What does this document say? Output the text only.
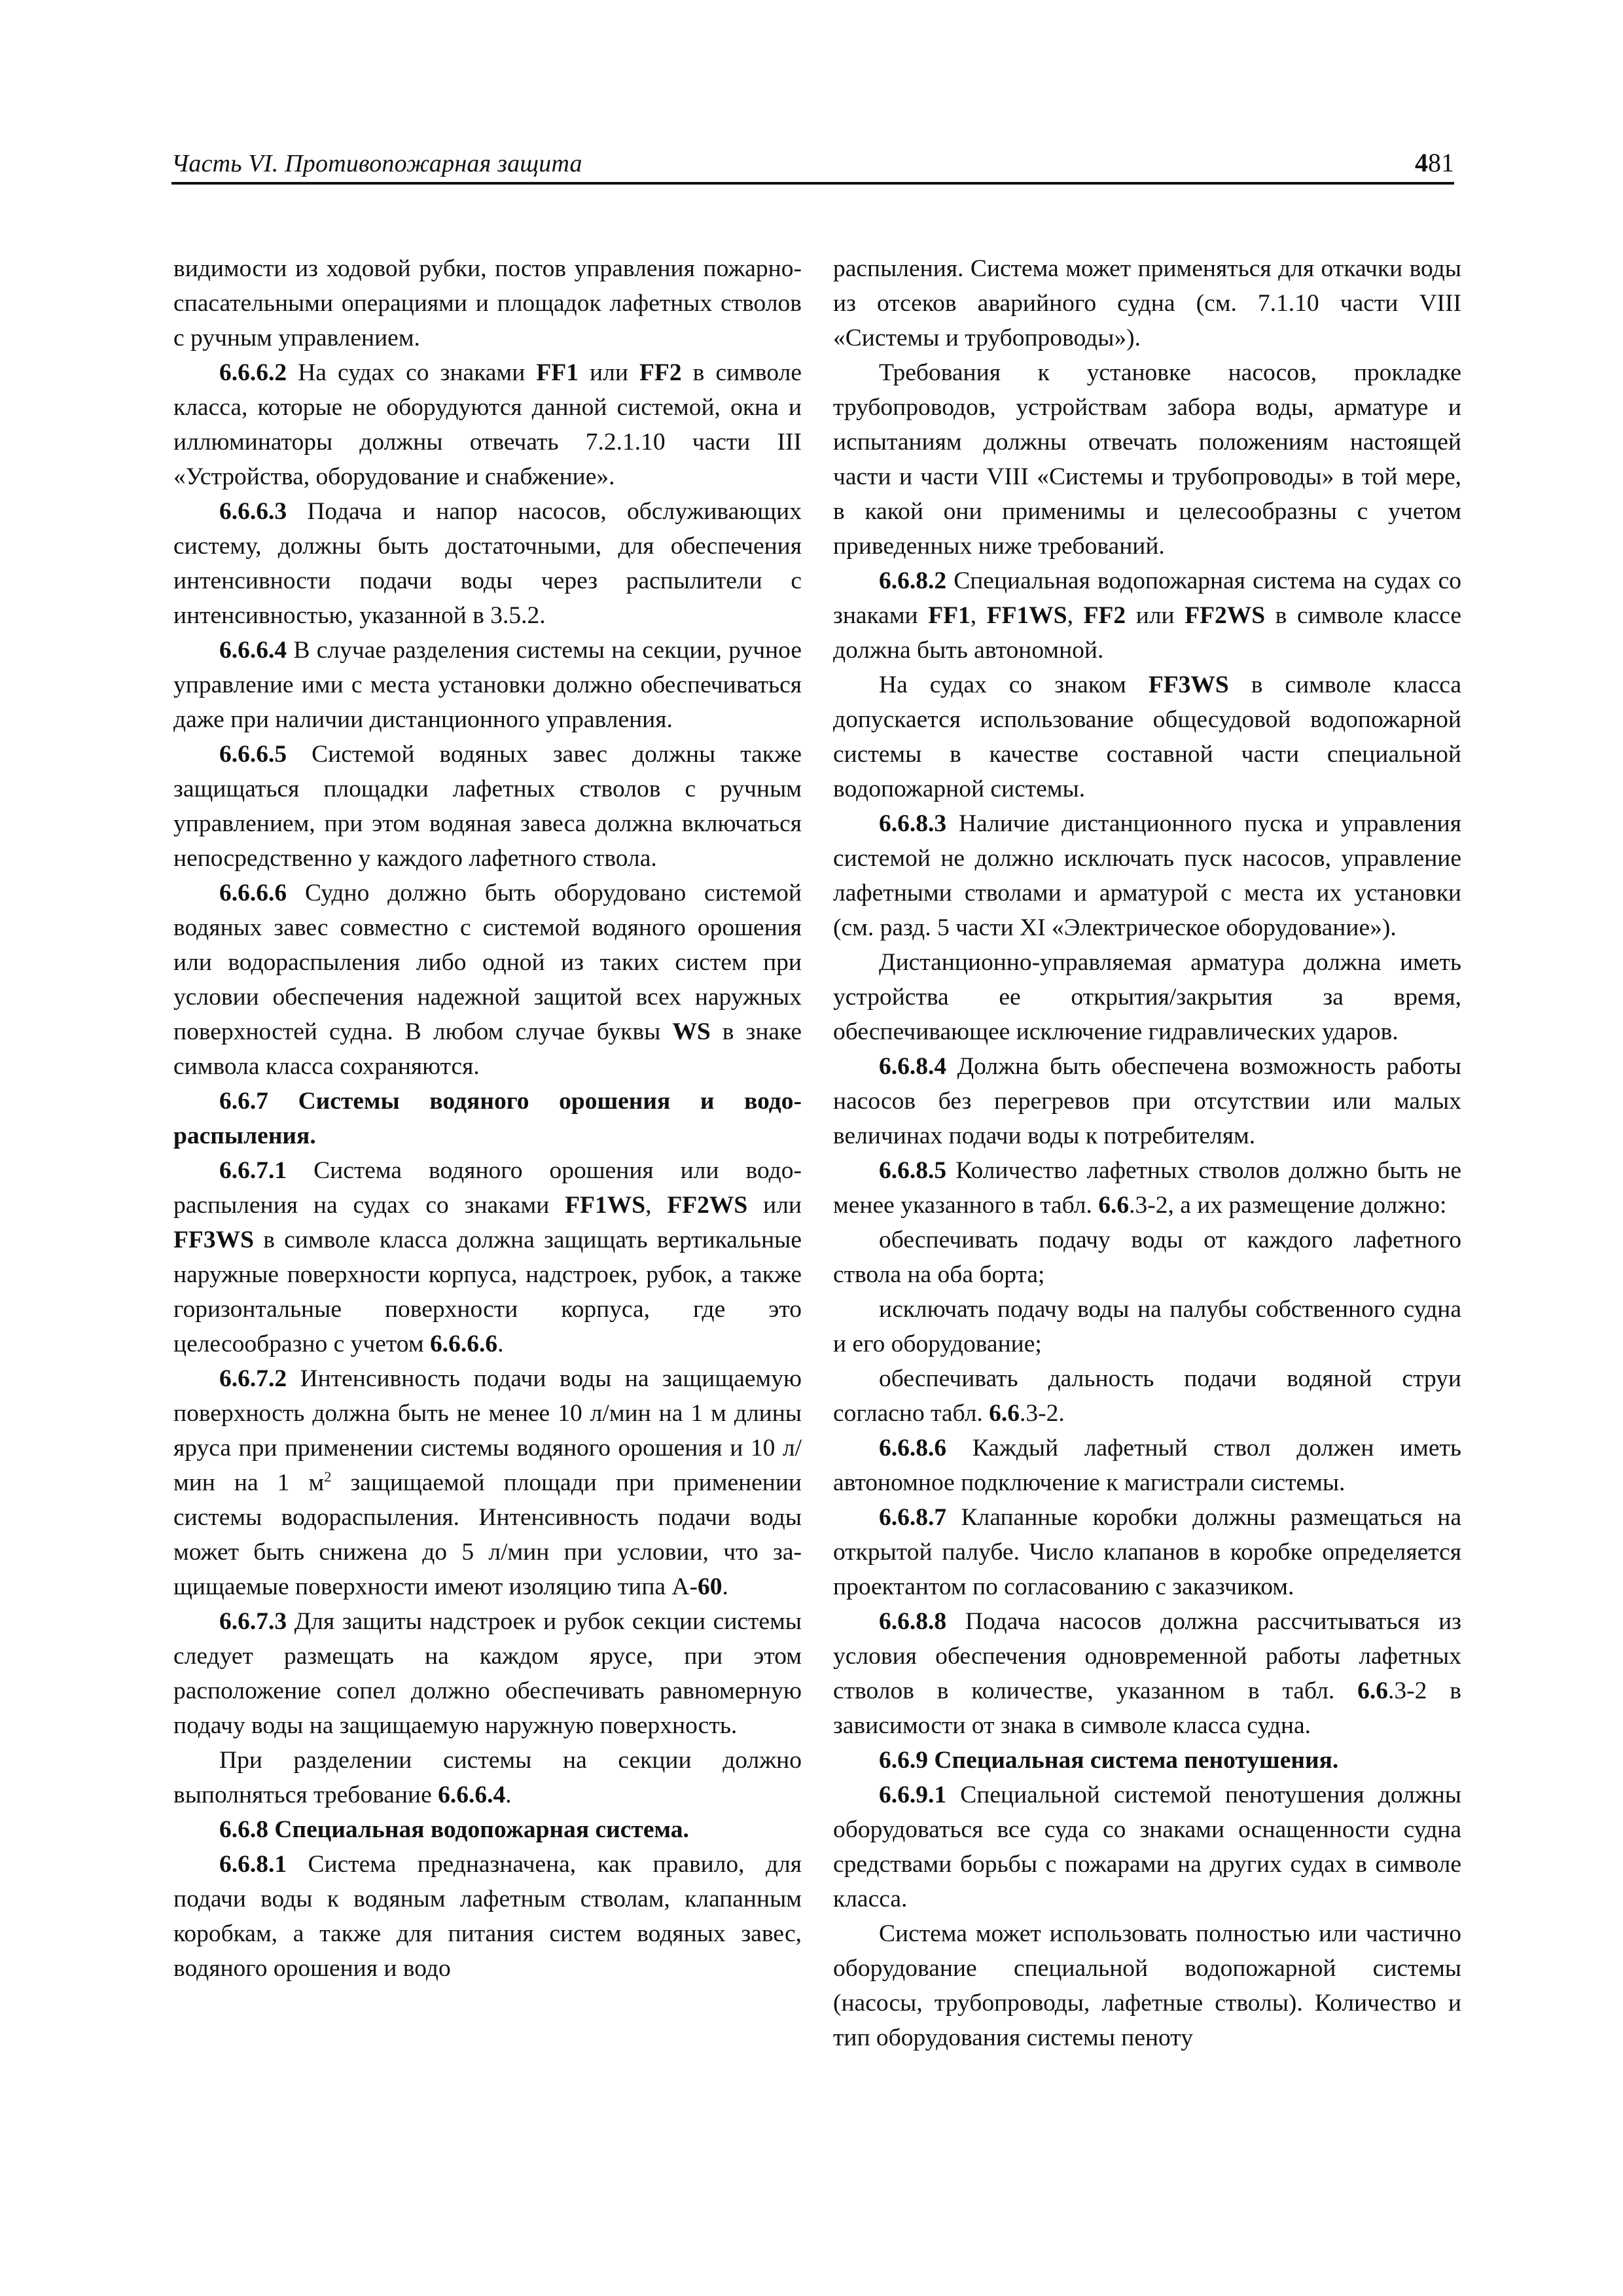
Часть VI. Противопожарная защита	481

видимости из ходовой рубки, постов управления пожарно-спасательными операциями и площадок лафетных стволов с ручным управлением.

6.6.6.2 На судах со знаками FF1 или FF2 в символе класса, которые не оборудуются данной системой, окна и иллюминаторы должны отвечать 7.2.1.10 части III «Устройства, оборудование и снабжение».

6.6.6.3 Подача и напор насосов, обслуживающих систему, должны быть достаточными, для обеспечения интенсивности подачи воды через распылители с интенсивностью, указанной в 3.5.2.

6.6.6.4 В случае разделения системы на секции, ручное управление ими с места установки должно обеспечиваться даже при наличии дистанционного управления.

6.6.6.5 Системой водяных завес должны также защищаться площадки лафетных стволов с ручным управлением, при этом водяная завеса должна включаться непосредственно у каждого лафетного ствола.

6.6.6.6 Судно должно быть оборудовано системой водяных завес совместно с системой водяного орошения или водораспыления либо одной из таких систем при условии обеспечения надежной защитой всех наружных поверхностей судна. В любом случае буквы WS в знаке символа класса сохраняются.

6.6.7 Системы водяного орошения и водораспыления.

6.6.7.1 Система водяного орошения или водораспыления на судах со знаками FF1WS, FF2WS или FF3WS в символе класса должна защищать вертикальные наружные поверхности корпуса, надстроек, рубок, а также горизонтальные поверхности корпуса, где это целесообразно с учетом 6.6.6.6.

6.6.7.2 Интенсивность подачи воды на защищаемую поверхность должна быть не менее 10 л/мин на 1 м длины яруса при применении системы водяного орошения и 10 л/мин на 1 $м^2$ защищаемой площади при применении системы водораспыления. Интенсивность подачи воды может быть снижена до 5 л/мин при условии, что защищаемые поверхности имеют изоляцию типа А-60.

6.6.7.3 Для защиты надстроек и рубок секции системы следует размещать на каждом ярусе, при этом расположение сопел должно обеспечивать равномерную подачу воды на защищаемую наружную поверхность.

При разделении системы на секции должно выполняться требование 6.6.6.4.

6.6.8 Специальная водопожарная система.

6.6.8.1 Система предназначена, как правило, для подачи воды к водяным лафетным стволам, клапанным коробкам, а также для питания систем водяных завес, водяного орошения и водо

распыления. Система может применяться для откачки воды из отсеков аварийного судна (см. 7.1.10 части VIII «Системы и трубопроводы»).

Требования к установке насосов, прокладке трубопроводов, устройствам забора воды, арматуре и испытаниям должны отвечать положениям настоящей части и части VIII «Системы и трубопроводы» в той мере, в какой они применимы и целесообразны с учетом приведенных ниже требований.

6.6.8.2 Специальная водопожарная система на судах со знаками FF1, FF1WS, FF2 или FF2WS в символе классе должна быть автономной.

На судах со знаком FF3WS в символе класса допускается использование общесудовой водопожарной системы в качестве составной части специальной водопожарной системы.

6.6.8.3 Наличие дистанционного пуска и управления системой не должно исключать пуск насосов, управление лафетными стволами и арматурой с места их установки (см. разд. 5 части XI «Электрическое оборудование»).

Дистанционно-управляемая арматура должна иметь устройства ее открытия/закрытия за время, обеспечивающее исключение гидравлических ударов.

6.6.8.4 Должна быть обеспечена возможность работы насосов без перегревов при отсутствии или малых величинах подачи воды к потребителям.

6.6.8.5 Количество лафетных стволов должно быть не менее указанного в табл. 6.6.3-2, а их размещение должно:

обеспечивать подачу воды от каждого лафетного ствола на оба борта;

исключать подачу воды на палубы собственного судна и его оборудование;

обеспечивать дальность подачи водяной струи согласно табл. 6.6.3-2.

6.6.8.6 Каждый лафетный ствол должен иметь автономное подключение к магистрали системы.

6.6.8.7 Клапанные коробки должны размещаться на открытой палубе. Число клапанов в коробке определяется проектантом по согласованию с заказчиком.

6.6.8.8 Подача насосов должна рассчитываться из условия обеспечения одновременной работы лафетных стволов в количестве, указанном в табл. 6.6.3-2 в зависимости от знака в символе класса судна.

6.6.9 Специальная система пенотушения.

6.6.9.1 Специальной системой пенотушения должны оборудоваться все суда со знаками оснащенности судна средствами борьбы с пожарами на других судах в символе класса.

Система может использовать полностью или частично оборудование специальной водопожарной системы (насосы, трубопроводы, лафетные стволы). Количество и тип оборудования системы пеноту
